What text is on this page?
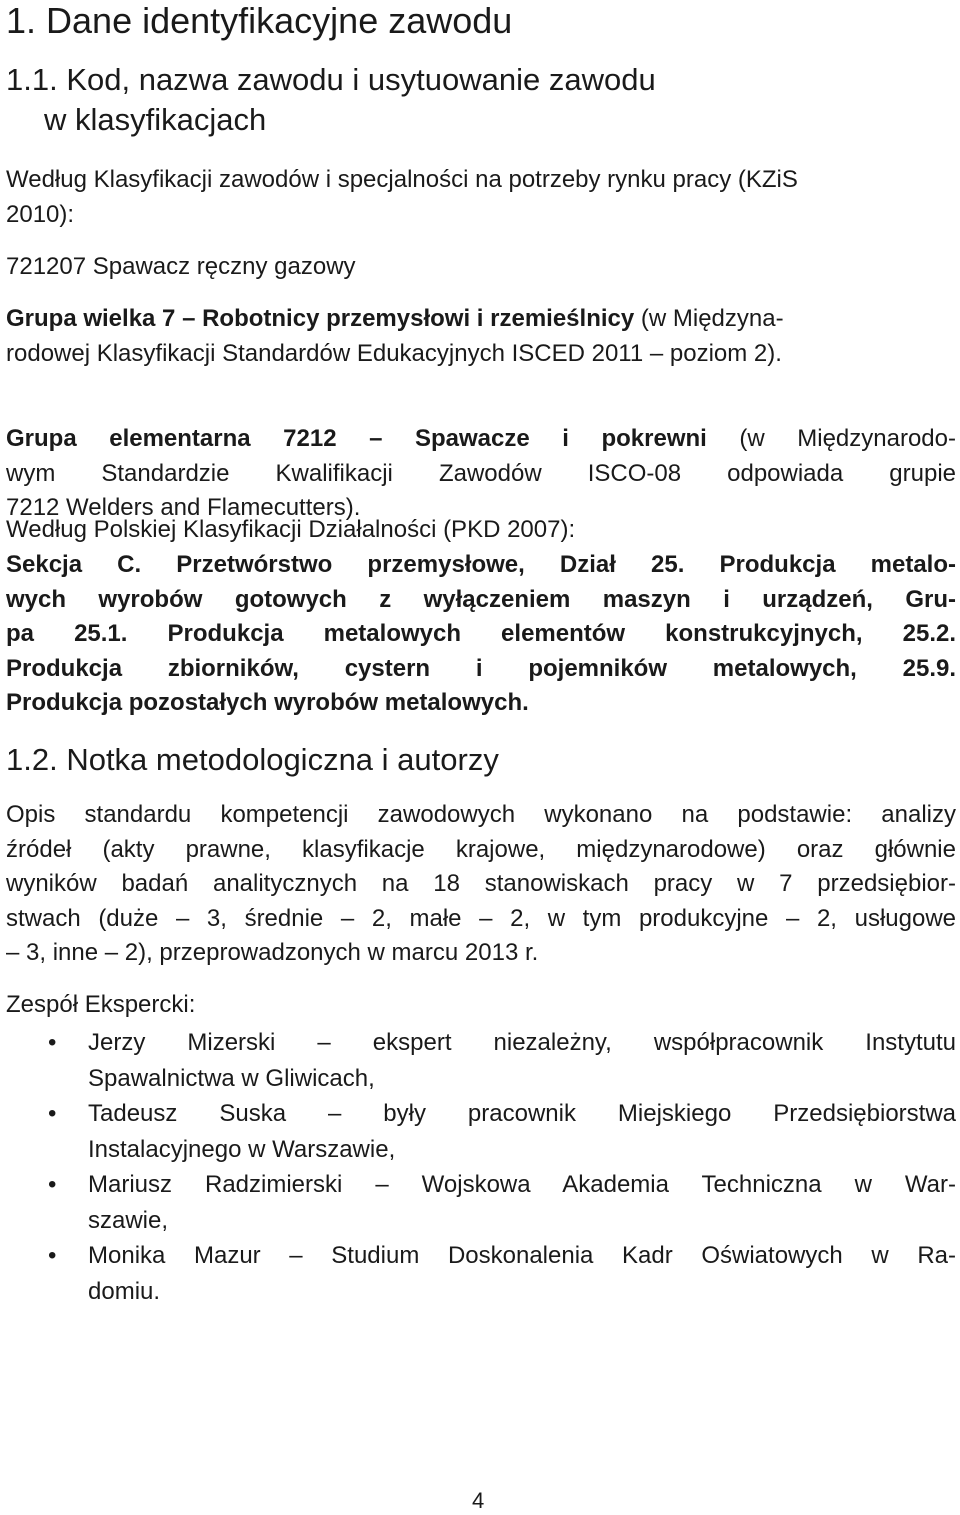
1. Dane identyfikacyjne zawodu
1.1. Kod, nazwa zawodu i usytuowanie zawodu
w klasyfikacjach

Według Klasyfikacji zawodów i specjalności na potrzeby rynku pracy (KZiS
2010):

721207 Spawacz ręczny gazowy

Grupa wielka 7 – Robotnicy przemysłowi i rzemieślnicy (w Międzyna-
rodowej Klasyfikacji Standardów Edukacyjnych ISCED 2011 – poziom 2).

Grupa elementarna 7212 – Spawacze i pokrewni (w Międzynarodo-
wym Standardzie Kwalifikacji Zawodów ISCO-08 odpowiada grupie
7212 Welders and Flamecutters).

Według Polskiej Klasyfikacji Działalności (PKD 2007):

Sekcja C. Przetwórstwo przemysłowe, Dział 25. Produkcja metalo-
wych wyrobów gotowych z wyłączeniem maszyn i urządzeń, Gru-
pa 25.1. Produkcja metalowych elementów konstrukcyjnych, 25.2.
Produkcja zbiorników, cystern i pojemników metalowych, 25.9.
Produkcja pozostałych wyrobów metalowych.

1.2. Notka metodologiczna i autorzy

Opis standardu kompetencji zawodowych wykonano na podstawie: analizy
źródeł (akty prawne, klasyfikacje krajowe, międzynarodowe) oraz głównie
wyników badań analitycznych na 18 stanowiskach pracy w 7 przedsiębior-
stwach (duże – 3, średnie – 2, małe – 2, w tym produkcyjne – 2, usługowe
– 3, inne – 2), przeprowadzonych w marcu 2013 r.

Zespół Ekspercki:

• Jerzy Mizerski – ekspert niezależny, współpracownik Instytutu
Spawalnictwa w Gliwicach,
• Tadeusz Suska – były pracownik Miejskiego Przedsiębiorstwa
Instalacyjnego w Warszawie,
• Mariusz Radzimierski – Wojskowa Akademia Techniczna w War-
szawie,
• Monika Mazur – Studium Doskonalenia Kadr Oświatowych w Ra-
domiu.
4
